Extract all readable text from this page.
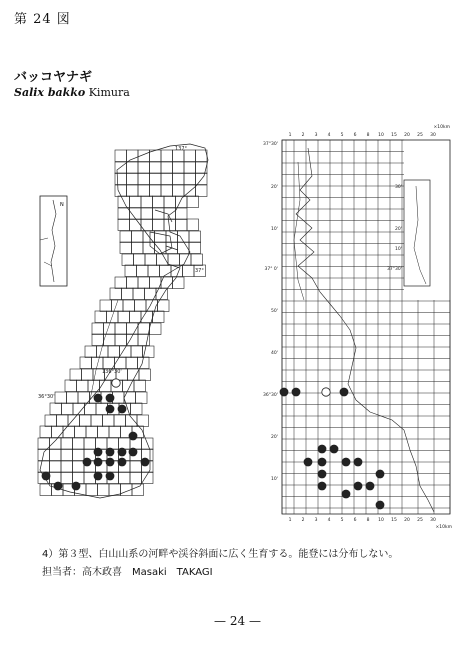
第 24 図
バッコヤナギ
Salix bakko Kimura
N
137°
136°30'
37°
36°30'
1
1
2
2
3
3
4
4
5
5
6
6
8
8
10
10
15
15
20
20
25
25
30
30
×10km
×10km
37°30'
20'
10'
37° 0'
50'
40'
36°30'
20'
10'
30'
20'
10'
37°30'
4）第３型、白山山系の河畔や渓谷斜面に広く生育する。能登には分布しない。
担当者：高木政喜　Masaki　TAKAGI
— 24 —
